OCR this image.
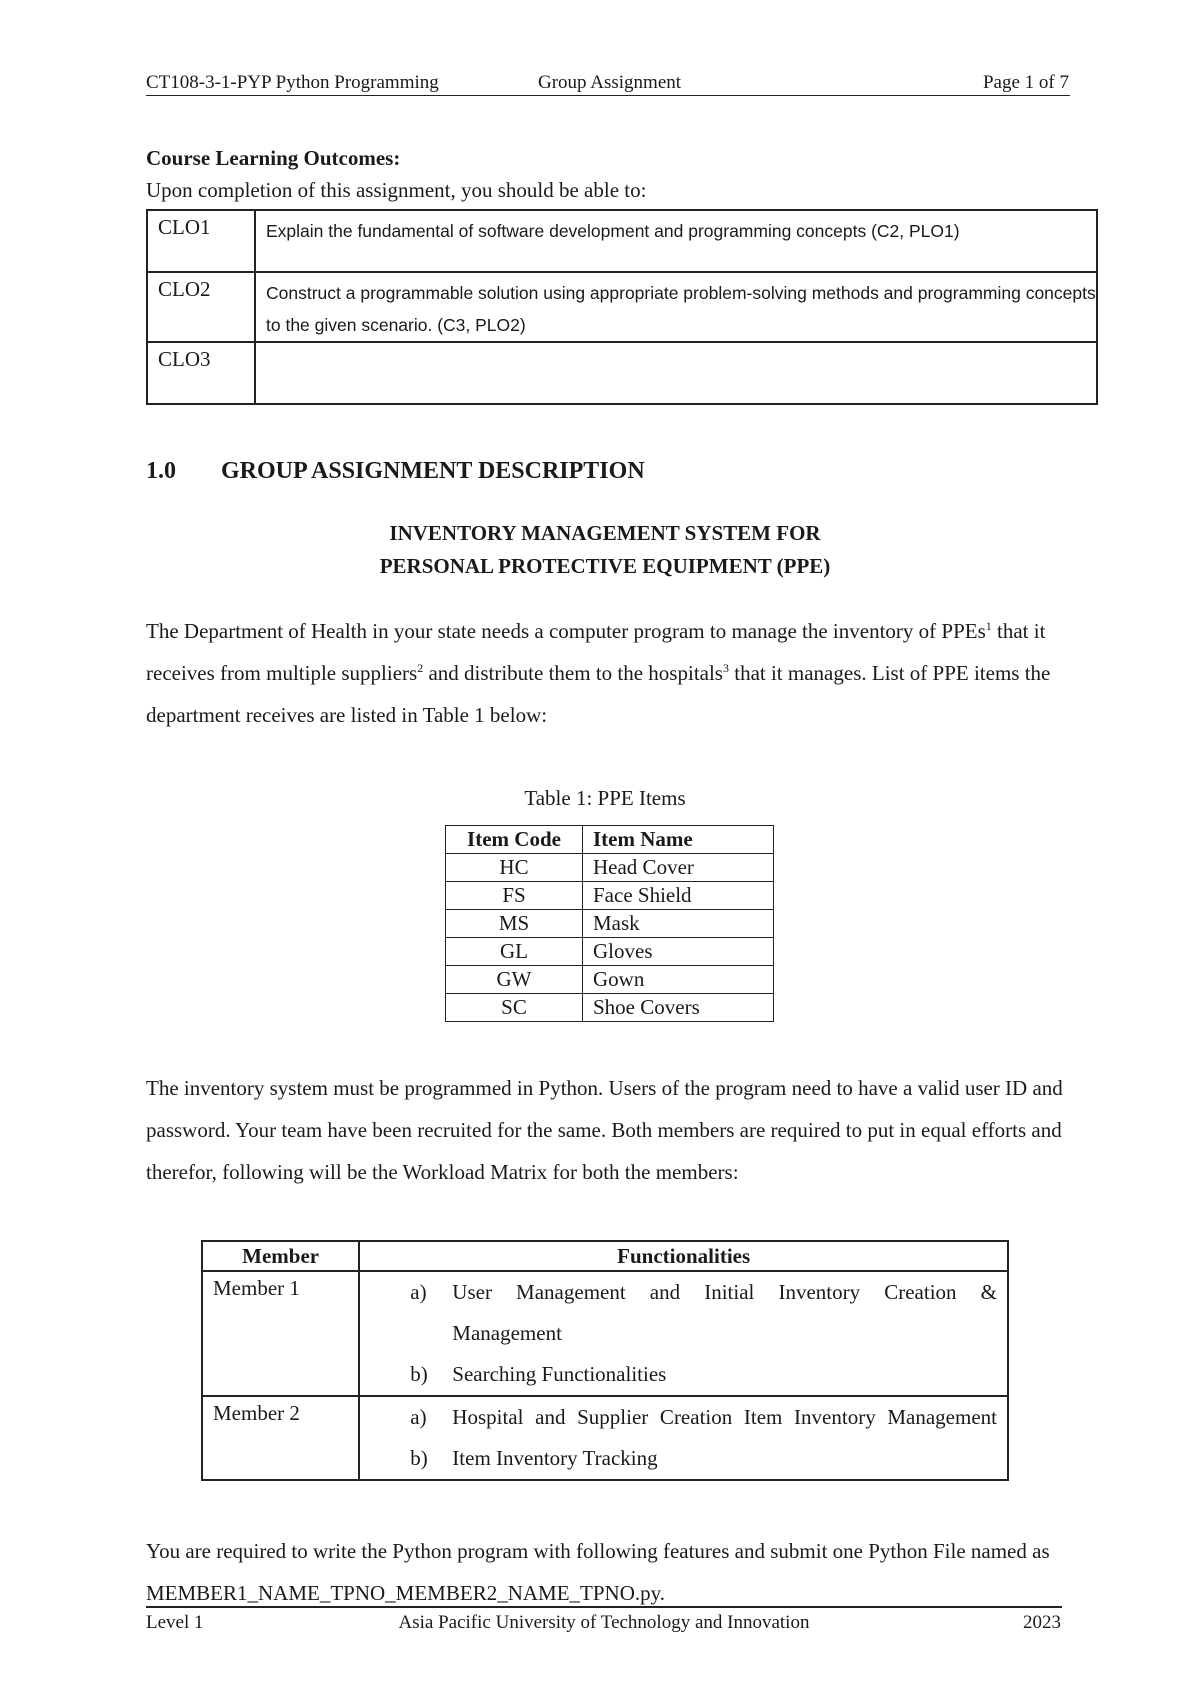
CT108-3-1-PYP Python Programming	Group Assignment	Page 1 of 7
Course Learning Outcomes:
Upon completion of this assignment, you should be able to:
CLO1	Explain the fundamental of software development and programming concepts (C2, PLO1)
CLO2	Construct a programmable solution using appropriate problem-solving methods and programming concepts to the given scenario. (C3, PLO2)
CLO3	
1.0 GROUP ASSIGNMENT DESCRIPTION
INVENTORY MANAGEMENT SYSTEM FOR
PERSONAL PROTECTIVE EQUIPMENT (PPE)
The Department of Health in your state needs a computer program to manage the inventory of PPEs$^1$ that it receives from multiple suppliers$^2$ and distribute them to the hospitals$^3$ that it manages. List of PPE items the department receives are listed in Table 1 below:
Table 1: PPE Items
Item Code	Item Name
HC	Head Cover
FS	Face Shield
MS	Mask
GL	Gloves
GW	Gown
SC	Shoe Covers
The inventory system must be programmed in Python. Users of the program need to have a valid user ID and password. Your team have been recruited for the same. Both members are required to put in equal efforts and therefor, following will be the Workload Matrix for both the members:
Member	Functionalities
Member 1	a) User Management and Initial Inventory Creation & Management
b) Searching Functionalities

Member 2	a) Hospital and Supplier Creation Item Inventory Management
b) Item Inventory Tracking
You are required to write the Python program with following features and submit one Python File named as MEMBER1_NAME_TPNO_MEMBER2_NAME_TPNO.py.
Level 1	Asia Pacific University of Technology and Innovation	2023
